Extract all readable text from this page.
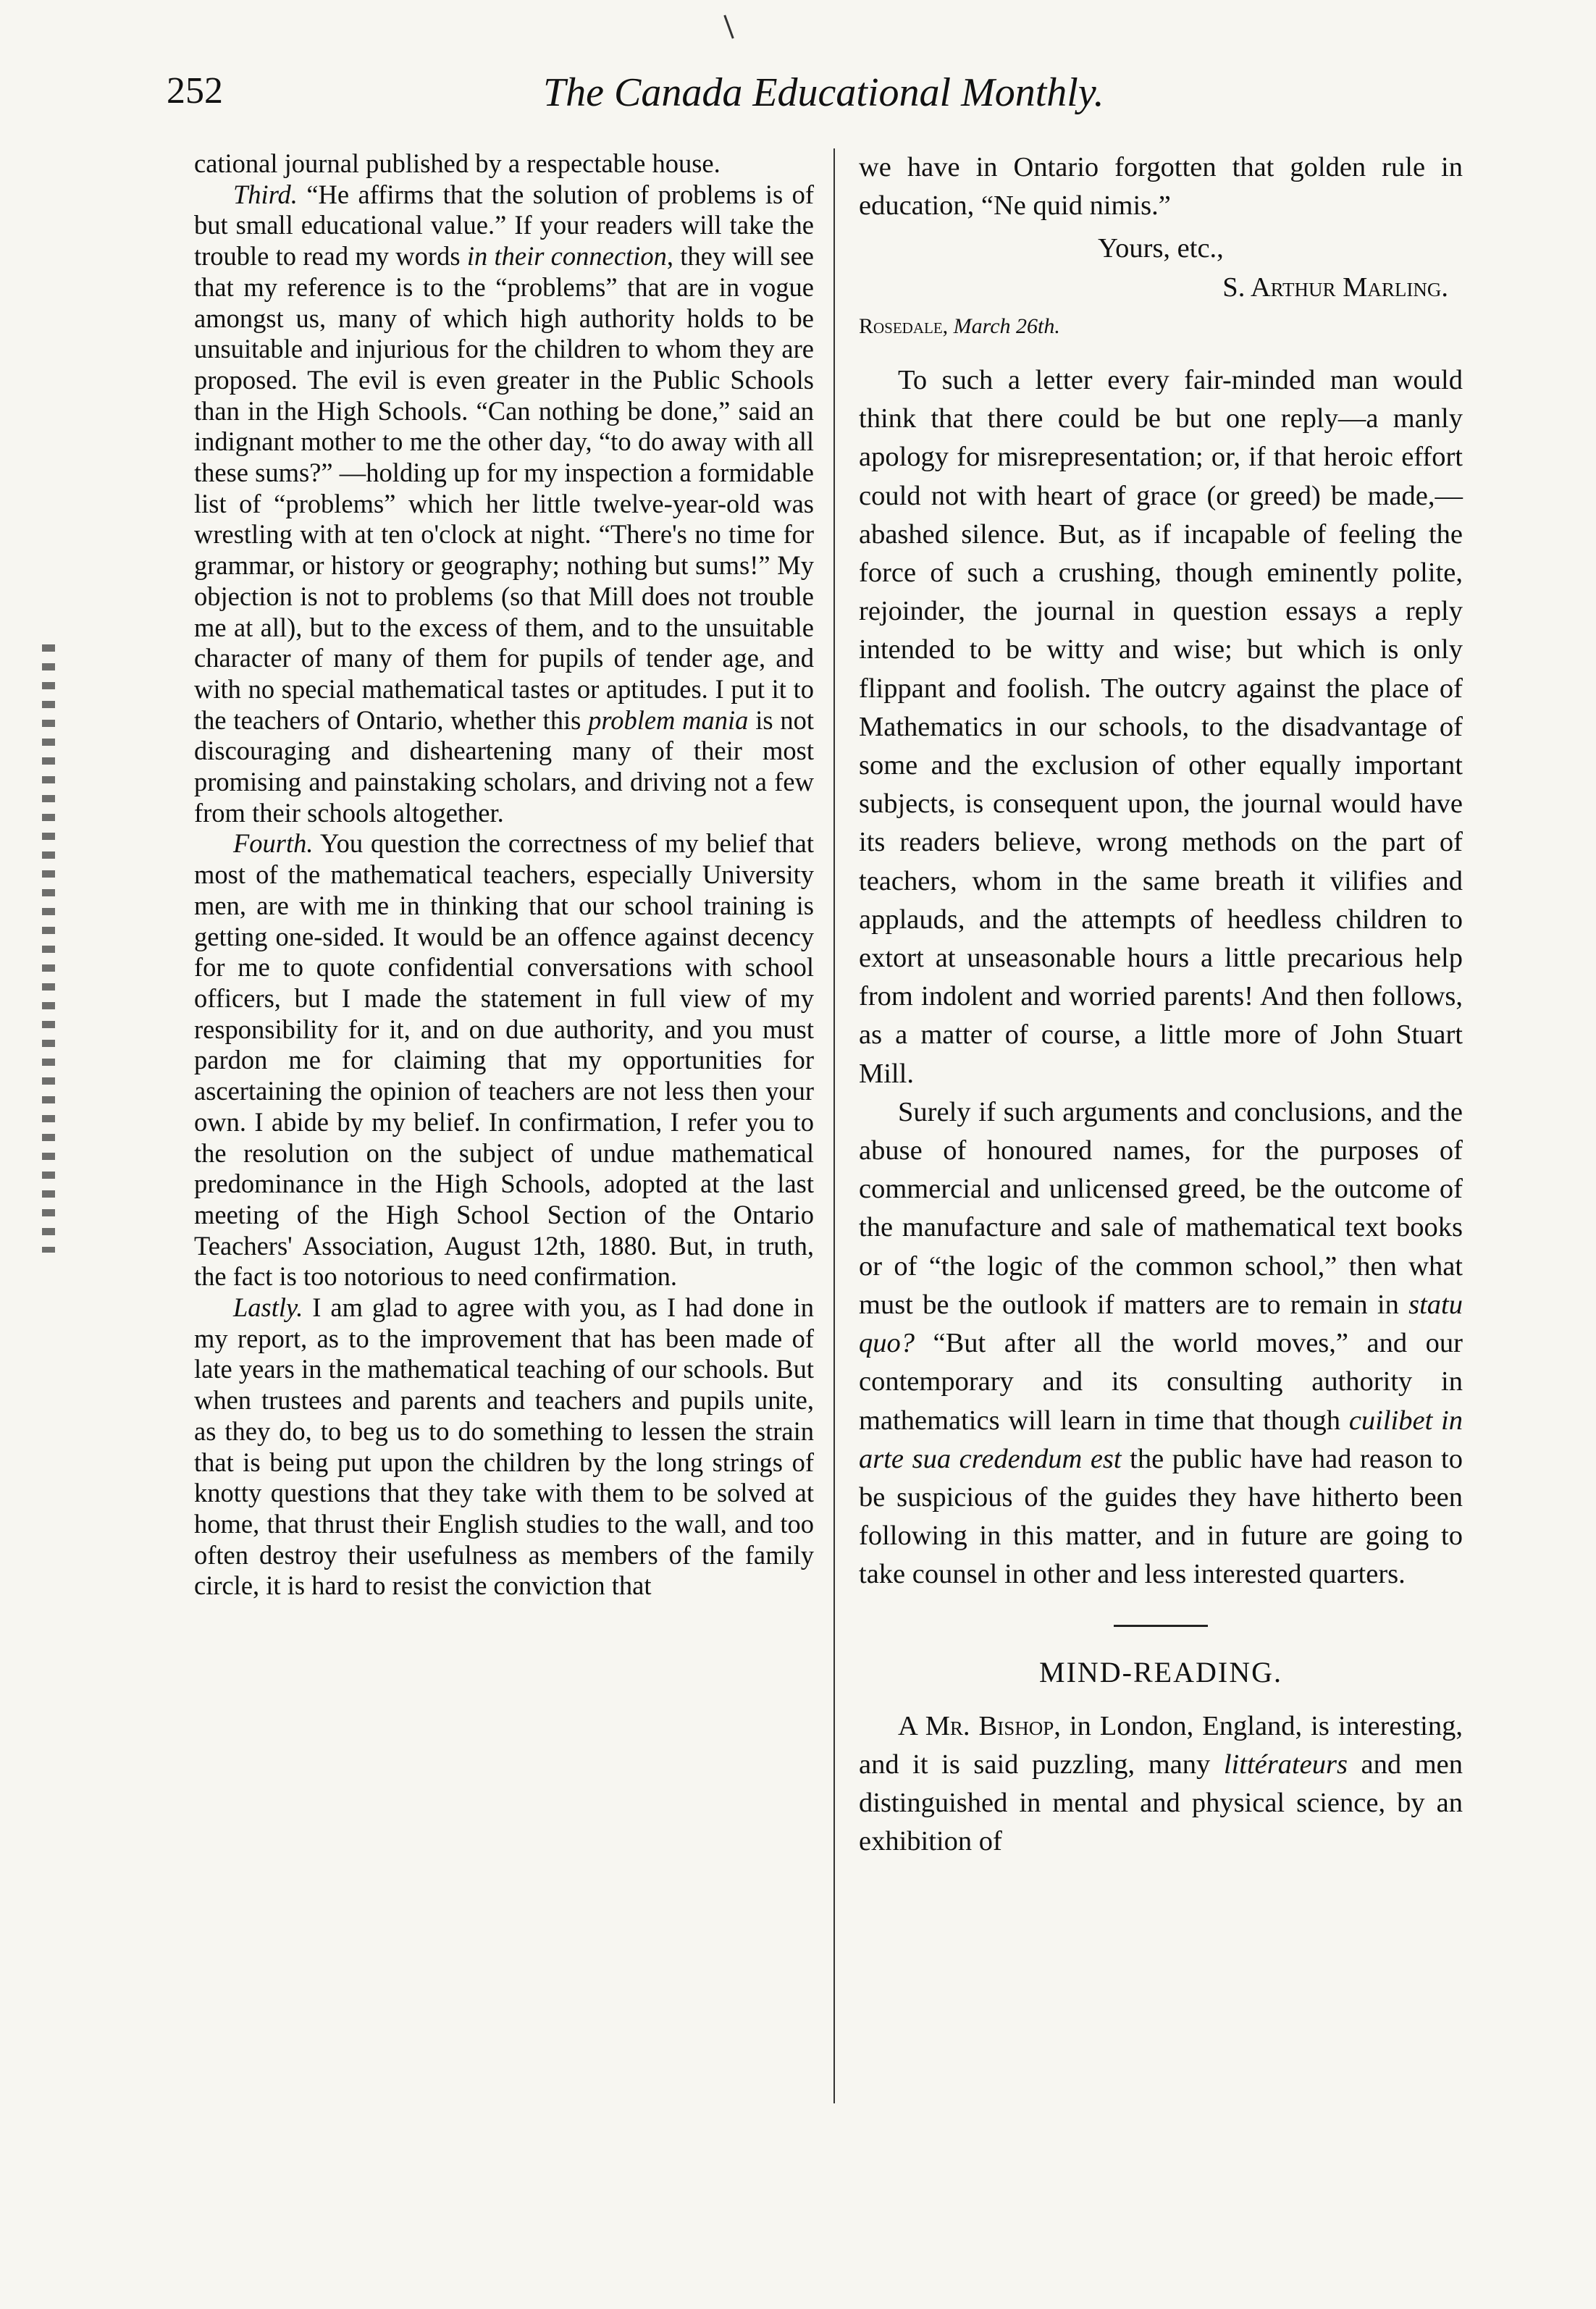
252	The Canada Educational Monthly.

cational journal published by a respectable house.

Third. “He affirms that the solution of problems is of but small educational value.” If your readers will take the trouble to read my words in their connection, they will see that my reference is to the “problems” that are in vogue amongst us, many of which high authority holds to be unsuitable and injurious for the children to whom they are proposed. The evil is even greater in the Public Schools than in the High Schools. “Can nothing be done,” said an indignant mother to me the other day, “to do away with all these sums?” —holding up for my inspection a formidable list of “problems” which her little twelve-year-old was wrestling with at ten o'clock at night. “There's no time for grammar, or history or geography; nothing but sums!” My objection is not to problems (so that Mill does not trouble me at all), but to the excess of them, and to the unsuitable character of many of them for pupils of tender age, and with no special mathematical tastes or aptitudes. I put it to the teachers of Ontario, whether this problem mania is not discouraging and disheartening many of their most promising and painstaking scholars, and driving not a few from their schools altogether.

Fourth. You question the correctness of my belief that most of the mathematical teachers, especially University men, are with me in thinking that our school training is getting one-sided. It would be an offence against decency for me to quote confidential conversations with school officers, but I made the statement in full view of my responsibility for it, and on due authority, and you must pardon me for claiming that my opportunities for ascertaining the opinion of teachers are not less then your own. I abide by my belief. In confirmation, I refer you to the resolution on the subject of undue mathematical predominance in the High Schools, adopted at the last meeting of the High School Section of the Ontario Teachers' Association, August 12th, 1880. But, in truth, the fact is too notorious to need confirmation.

Lastly. I am glad to agree with you, as I had done in my report, as to the improvement that has been made of late years in the mathematical teaching of our schools. But when trustees and parents and teachers and pupils unite, as they do, to beg us to do something to lessen the strain that is being put upon the children by the long strings of knotty questions that they take with them to be solved at home, that thrust their English studies to the wall, and too often destroy their usefulness as members of the family circle, it is hard to resist the conviction that

we have in Ontario forgotten that golden rule in education, “Ne quid nimis.”

Yours, etc.,

S. Arthur Marling.

Rosedale, March 26th.

To such a letter every fair-minded man would think that there could be but one reply—a manly apology for misrepresentation; or, if that heroic effort could not with heart of grace (or greed) be made,—abashed silence. But, as if incapable of feeling the force of such a crushing, though eminently polite, rejoinder, the journal in question essays a reply intended to be witty and wise; but which is only flippant and foolish. The outcry against the place of Mathematics in our schools, to the disadvantage of some and the exclusion of other equally important subjects, is consequent upon, the journal would have its readers believe, wrong methods on the part of teachers, whom in the same breath it vilifies and applauds, and the attempts of heedless children to extort at unseasonable hours a little precarious help from indolent and worried parents! And then follows, as a matter of course, a little more of John Stuart Mill.

Surely if such arguments and conclusions, and the abuse of honoured names, for the purposes of commercial and unlicensed greed, be the outcome of the manufacture and sale of mathematical text books or of “the logic of the common school,” then what must be the outlook if matters are to remain in statu quo? “But after all the world moves,” and our contemporary and its consulting authority in mathematics will learn in time that though cuilibet in arte sua credendum est the public have had reason to be suspicious of the guides they have hitherto been following in this matter, and in future are going to take counsel in other and less interested quarters.

MIND-READING.

A Mr. Bishop, in London, England, is interesting, and it is said puzzling, many littérateurs and men distinguished in mental and physical science, by an exhibition of
